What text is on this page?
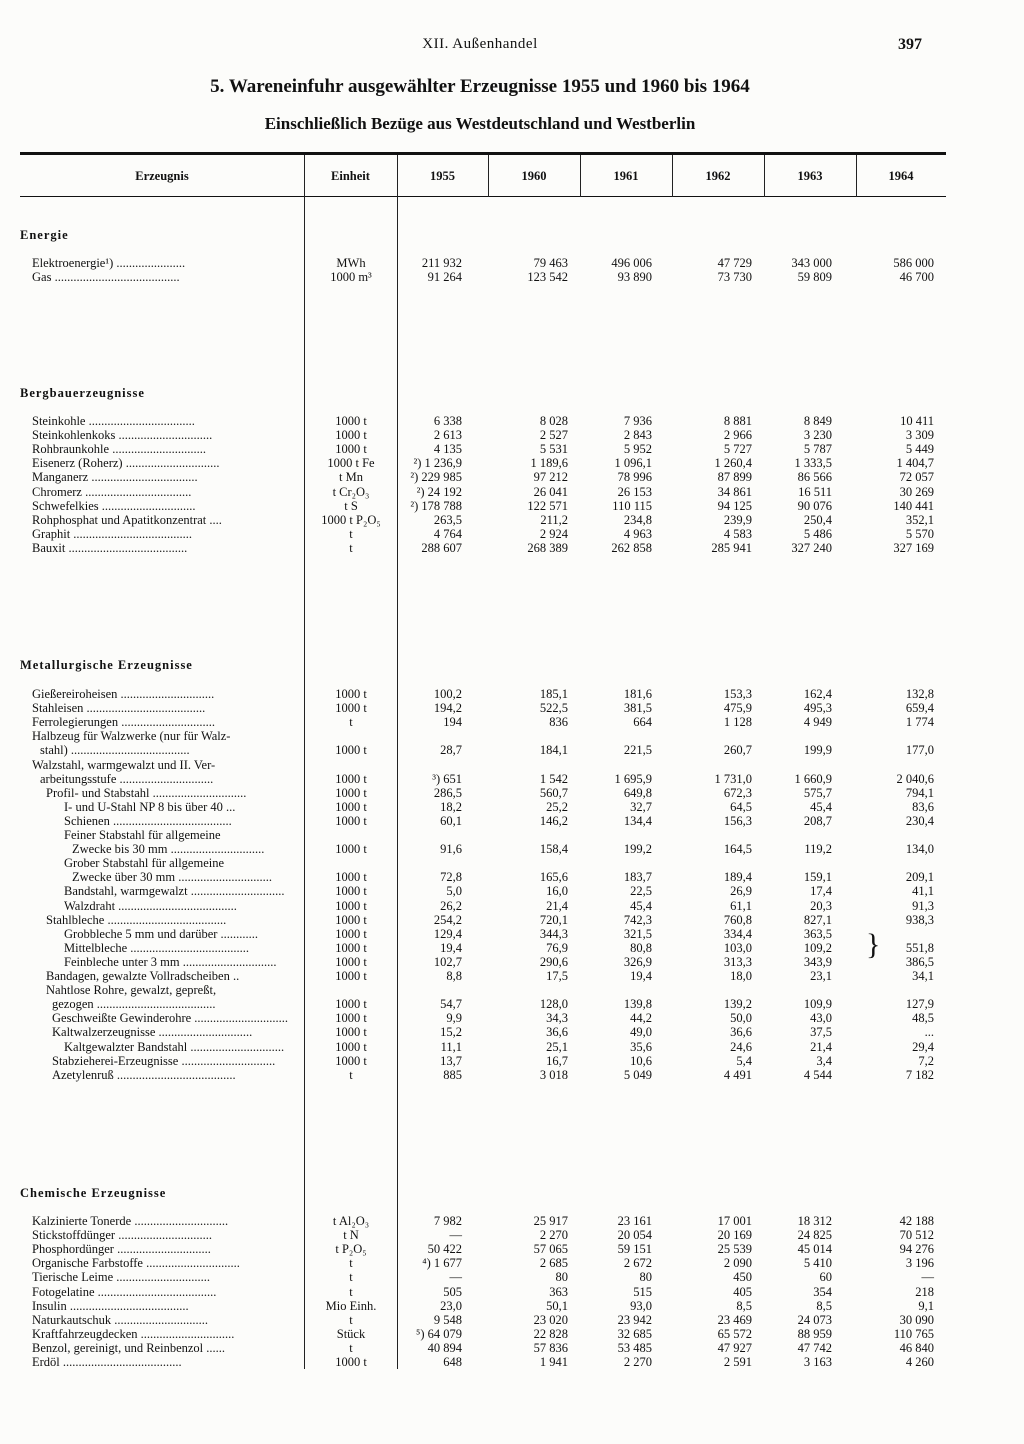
XII. Außenhandel	397
5. Wareneinfuhr ausgewählter Erzeugnisse 1955 und 1960 bis 1964
Einschließlich Bezüge aus Westdeutschland und Westberlin
Erzeugnis	Einheit	1955	1960	1961	1962	1963	1964
Energie
Bergbauerzeugnisse
Metallurgische Erzeugnisse
Chemische Erzeugnisse
}
Elektroenergie¹) ......................	MWh	211 932	79 463	496 006	47 729	343 000	586 000
Gas ........................................	1000 m³	91 264	123 542	93 890	73 730	59 809	46 700
Steinkohle ..................................	1000 t	6 338	8 028	7 936	8 881	8 849	10 411
Steinkohlenkoks ..............................	1000 t	2 613	2 527	2 843	2 966	3 230	3 309
Rohbraunkohle ..............................	1000 t	4 135	5 531	5 952	5 727	5 787	5 449
Eisenerz (Roherz) ..............................	1000 t Fe	²) 1 236,9	1 189,6	1 096,1	1 260,4	1 333,5	1 404,7
Manganerz ..................................	t Mn	²) 229 985	97 212	78 996	87 899	86 566	72 057
Chromerz ..................................	t Cr₂O₃	²) 24 192	26 041	26 153	34 861	16 511	30 269
Schwefelkies ..............................	t S	²) 178 788	122 571	110 115	94 125	90 076	140 441
Rohphosphat und Apatitkonzentrat ....	1000 t P₂O₅	263,5	211,2	234,8	239,9	250,4	352,1
Graphit ......................................	t	4 764	2 924	4 963	4 583	5 486	5 570
Bauxit ......................................	t	288 607	268 389	262 858	285 941	327 240	327 169
Gießereiroheisen ..............................	1000 t	100,2	185,1	181,6	153,3	162,4	132,8
Stahleisen ......................................	1000 t	194,2	522,5	381,5	475,9	495,3	659,4
Ferrolegierungen ..............................	t	194	836	664	1 128	4 949	1 774
Halbzeug für Walzwerke (nur für Walz-
stahl) ......................................	1000 t	28,7	184,1	221,5	260,7	199,9	177,0
Walzstahl, warmgewalzt und II. Ver-
arbeitungsstufe ..............................	1000 t	³) 651	1 542	1 695,9	1 731,0	1 660,9	2 040,6
Profil- und Stabstahl ..............................	1000 t	286,5	560,7	649,8	672,3	575,7	794,1
I- und U-Stahl NP 8 bis über 40 ...	1000 t	18,2	25,2	32,7	64,5	45,4	83,6
Schienen ......................................	1000 t	60,1	146,2	134,4	156,3	208,7	230,4
Feiner Stabstahl für allgemeine
Zwecke bis 30 mm ..............................	1000 t	91,6	158,4	199,2	164,5	119,2	134,0
Grober Stabstahl für allgemeine
Zwecke über 30 mm ..............................	1000 t	72,8	165,6	183,7	189,4	159,1	209,1
Bandstahl, warmgewalzt ..............................	1000 t	5,0	16,0	22,5	26,9	17,4	41,1
Walzdraht ......................................	1000 t	26,2	21,4	45,4	61,1	20,3	91,3
Stahlbleche ......................................	1000 t	254,2	720,1	742,3	760,8	827,1	938,3
Grobbleche 5 mm und darüber ............	1000 t	129,4	344,3	321,5	334,4	363,5
Mittelbleche ......................................	1000 t	19,4	76,9	80,8	103,0	109,2	551,8
Feinbleche unter 3 mm ..............................	1000 t	102,7	290,6	326,9	313,3	343,9	386,5
Bandagen, gewalzte Vollradscheiben ..	1000 t	8,8	17,5	19,4	18,0	23,1	34,1
Nahtlose Rohre, gewalzt, gepreßt,
gezogen ......................................	1000 t	54,7	128,0	139,8	139,2	109,9	127,9
Geschweißte Gewinderohre ..............................	1000 t	9,9	34,3	44,2	50,0	43,0	48,5
Kaltwalzerzeugnisse ..............................	1000 t	15,2	36,6	49,0	36,6	37,5	...
Kaltgewalzter Bandstahl ..............................	1000 t	11,1	25,1	35,6	24,6	21,4	29,4
Stabzieherei-Erzeugnisse ..............................	1000 t	13,7	16,7	10,6	5,4	3,4	7,2
Azetylenruß ......................................	t	885	3 018	5 049	4 491	4 544	7 182
Kalzinierte Tonerde ..............................	t Al₂O₃	7 982	25 917	23 161	17 001	18 312	42 188
Stickstoffdünger ..............................	t N	—	2 270	20 054	20 169	24 825	70 512
Phosphordünger ..............................	t P₂O₅	50 422	57 065	59 151	25 539	45 014	94 276
Organische Farbstoffe ..............................	t	⁴) 1 677	2 685	2 672	2 090	5 410	3 196
Tierische Leime ..............................	t	—	80	80	450	60	—
Fotogelatine ......................................	t	505	363	515	405	354	218
Insulin ......................................	Mio Einh.	23,0	50,1	93,0	8,5	8,5	9,1
Naturkautschuk ..............................	t	9 548	23 020	23 942	23 469	24 073	30 090
Kraftfahrzeugdecken ..............................	Stück	⁵) 64 079	22 828	32 685	65 572	88 959	110 765
Benzol, gereinigt, und Reinbenzol ......	t	40 894	57 836	53 485	47 927	47 742	46 840
Erdöl ......................................	1000 t	648	1 941	2 270	2 591	3 163	4 260
